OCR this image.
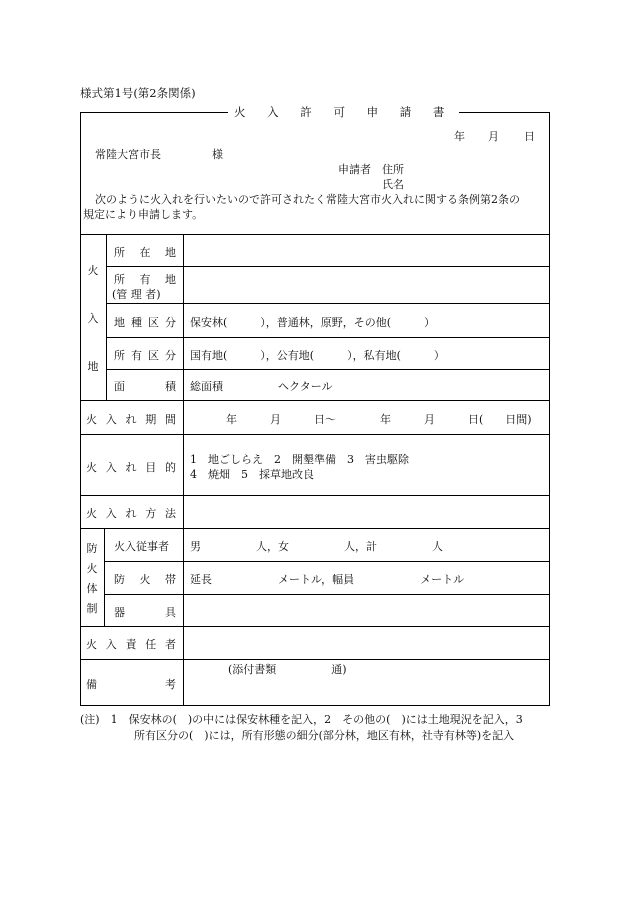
様式第1号(第2条関係)
火 入 許 可 申 請 書
年 月 日
常陸大宮市長	様
申請者 住所
氏名
次のように火入れを行いたいので許可されたく常陸大宮市火入れに関する条例第2条の
規定により申請します。
火
入
地
所 在 地
所 有 地
(管 理 者)
地 種 区 分 保安林(　　　），普通林，原野，その他(　　　）
所 有 区 分 国有地(　　　），公有地(　　　），私有地(　　　）
面	積 総面積　　　　　ヘクタール
火 入 れ 期 間	年　　　月　　　日～　　　　年　　　月　　　日(　　日間)
火 入 れ 目 的
1　地ごしらえ　2　開墾準備　3　害虫駆除
4　焼畑　5　採草地改良
火 入 れ 方 法
防
火
体
制
火入従事者 男　　　　　人，女　　　　　人，計　　　　　人
防 火 帯 延長　　　　　　メートル，幅員　　　　　　メートル
器	具
火 入 責 任 者
備	考
(添付書類　　　　　通)
(注)　1　保安林の(　)の中には保安林種を記入，2　その他の(　)には土地現況を記入，3
所有区分の(　)には，所有形態の細分(部分林，地区有林，社寺有林等)を記入
